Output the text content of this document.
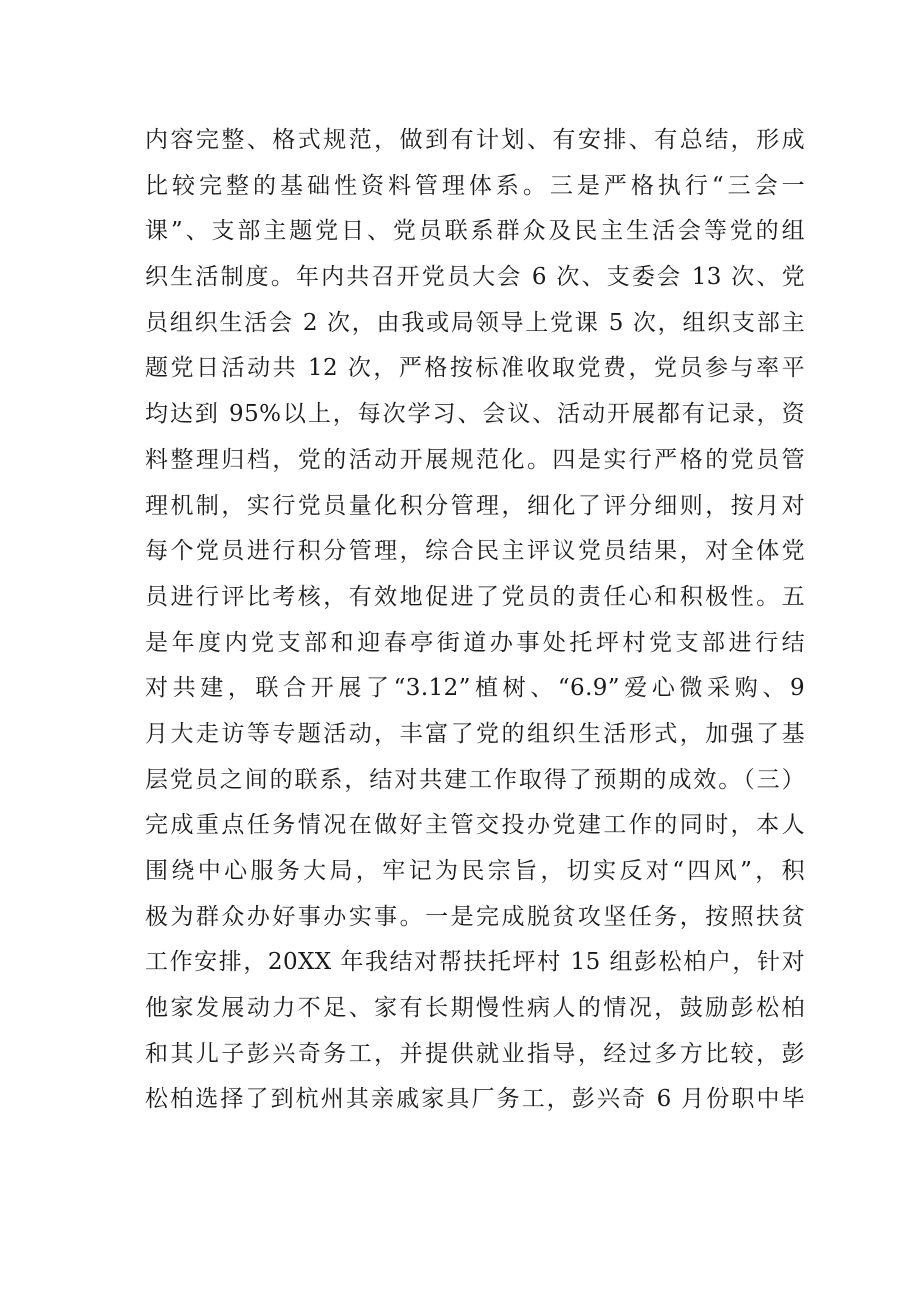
内容完整、格式规范，做到有计划、有安排、有总结，形成
比较完整的基础性资料管理体系。三是严格执行“三会一
课”、支部主题党日、党员联系群众及民主生活会等党的组
织生活制度。年内共召开党员大会 6 次、支委会 13 次、党
员组织生活会 2 次，由我或局领导上党课 5 次，组织支部主
题党日活动共 12 次，严格按标准收取党费，党员参与率平
均达到 95%以上，每次学习、会议、活动开展都有记录，资
料整理归档，党的活动开展规范化。四是实行严格的党员管
理机制，实行党员量化积分管理，细化了评分细则，按月对
每个党员进行积分管理，综合民主评议党员结果，对全体党
员进行评比考核，有效地促进了党员的责任心和积极性。五
是年度内党支部和迎春亭街道办事处托坪村党支部进行结
对共建，联合开展了“3.12”植树、“6.9”爱心微采购、9
月大走访等专题活动，丰富了党的组织生活形式，加强了基
层党员之间的联系，结对共建工作取得了预期的成效。（三）
完成重点任务情况在做好主管交投办党建工作的同时，本人
围绕中心服务大局，牢记为民宗旨，切实反对“四风”，积
极为群众办好事办实事。一是完成脱贫攻坚任务，按照扶贫
工作安排，20XX 年我结对帮扶托坪村 15 组彭松柏户，针对
他家发展动力不足、家有长期慢性病人的情况，鼓励彭松柏
和其儿子彭兴奇务工，并提供就业指导，经过多方比较，彭
松柏选择了到杭州其亲戚家具厂务工，彭兴奇 6 月份职中毕
